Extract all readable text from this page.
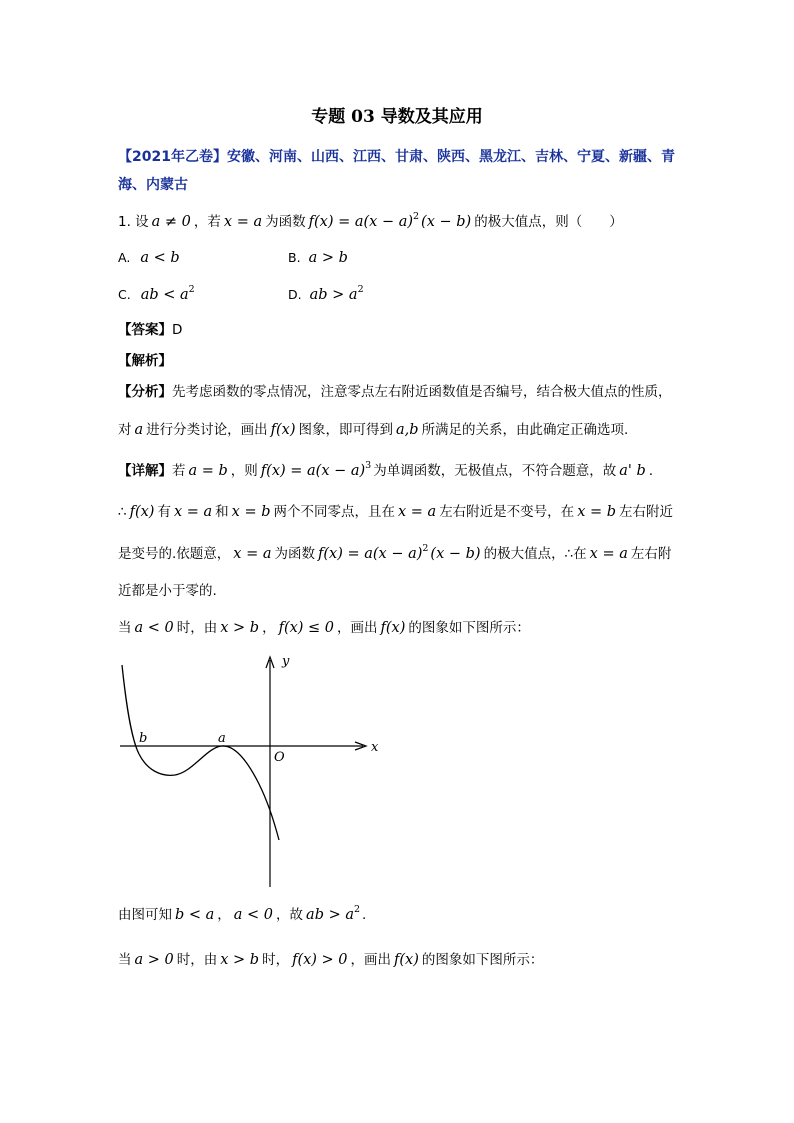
专题 03 导数及其应用
【2021年乙卷】安徽、河南、山西、江西、甘肃、陕西、黑龙江、吉林、宁夏、新疆、青
海、内蒙古
1. 设 a ≠ 0 ，若 x = a 为函数 $f(x) = a(x - a)^2$ (x − b) 的极大值点，则（　　）
A. a < b	B. a > b
C. ab < $a^2$	D. ab > $a^2$
【答案】D
【解析】
【分析】先考虑函数的零点情况，注意零点左右附近函数值是否编号，结合极大值点的性质，
对 a 进行分类讨论，画出 f(x) 图象，即可得到 a,b 所满足的关系，由此确定正确选项.
【详解】若 a = b ，则 $f(x) = a(x - a)^3$ 为单调函数，无极值点，不符合题意，故 a' b .
∴ f(x) 有 x = a 和 x = b 两个不同零点，且在 x = a 左右附近是不变号，在 x = b 左右附近
是变号的.依题意， x = a 为函数 $f(x) = a(x - a)^2$ (x − b) 的极大值点，∴在 x = a 左右附
近都是小于零的.
当 a < 0 时，由 x > b ， f(x) ≤ 0 ，画出 f(x) 的图象如下图所示：
y
x
O
b	a
由图可知 b < a ， a < 0 ，故 ab > $a^2$ .
当 a > 0 时，由 x > b 时， f(x) > 0 ，画出 f(x) 的图象如下图所示：
